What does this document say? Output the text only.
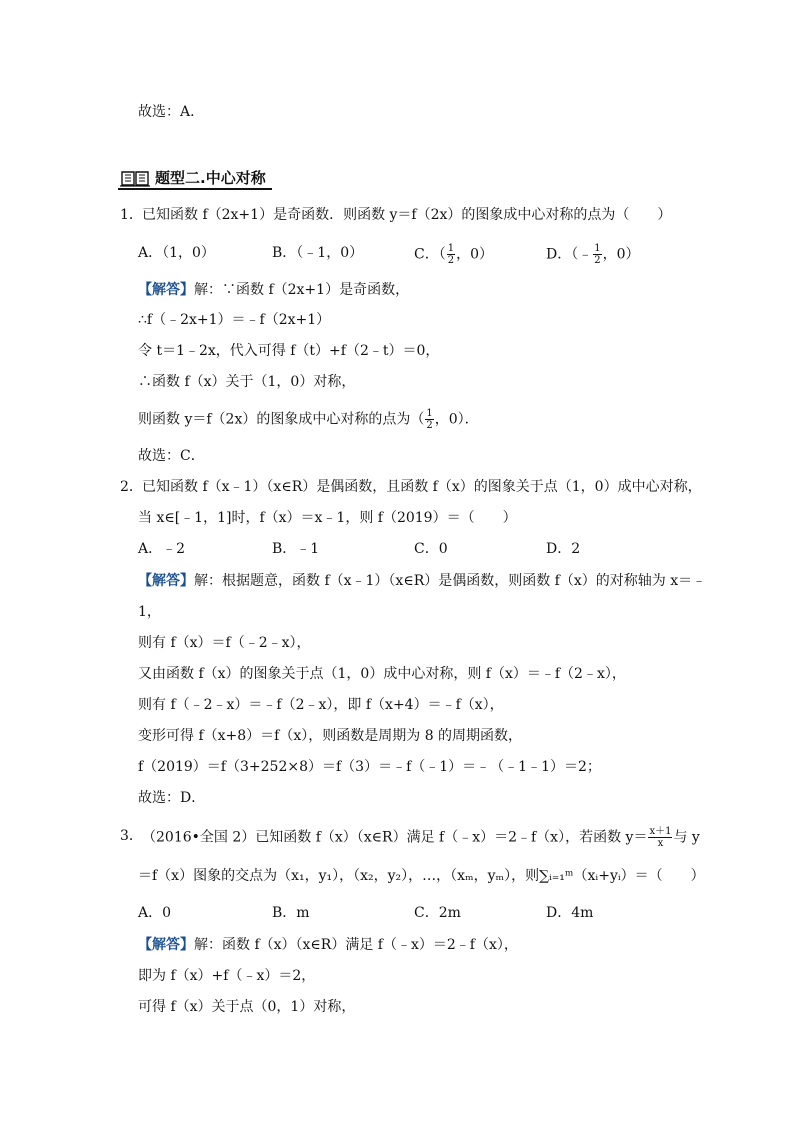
故选：A．
题型二.中心对称
1． 已知函数 f（2x+1）是奇函数．则函数 y＝f（2x）的图象成中心对称的点为（　　）
A．（1，0）	B．（﹣1，0）	C．（ $\frac{1}{2}$ ，0）	D．（﹣ $\frac{1}{2}$ ，0）
【解答】解：∵函数 f（2x+1）是奇函数，
∴f（﹣2x+1）＝﹣f（2x+1）
令 t＝1﹣2x，代入可得 f（t）+f（2﹣t）＝0，
∴函数 f（x）关于（1，0）对称，
则函数 y＝f（2x）的图象成中心对称的点为（ $\frac{1}{2}$ ，0）．
故选：C．
2． 已知函数 f（x﹣1）（x∈R）是偶函数，且函数 f（x）的图象关于点（1，0）成中心对称，
当 x∈[﹣1，1]时，f（x）＝x﹣1，则 f（2019）＝（　　）
A．﹣2	B．﹣1	C．0	D．2
【解答】解：根据题意，函数 f（x﹣1）（x∈R）是偶函数，则函数 f（x）的对称轴为 x＝﹣
1，
则有 f（x）＝f（﹣2﹣x），
又由函数 f（x）的图象关于点（1，0）成中心对称，则 f（x）＝﹣f（2﹣x），
则有 f（﹣2﹣x）＝﹣f（2﹣x），即 f（x+4）＝﹣f（x），
变形可得 f（x+8）＝f（x），则函数是周期为 8 的周期函数，
f（2019）＝f（3+252×8）＝f（3）＝﹣f（﹣1）＝﹣（﹣1﹣1）＝2；
故选：D．
3． （2016•全国 2）已知函数 f（x）（x∈R）满足 f（﹣x）＝2﹣f（x），若函数 $y= \frac{x+1}{x}$ 与 y
＝f（x）图象的交点为（x₁，y₁），（x₂，y₂），…，（xₘ，yₘ），则∑ᵢ₌₁ᵐ（xᵢ+yᵢ）＝（　　）
A．0	B．m	C．2m	D．4m
【解答】解：函数 f（x）（x∈R）满足 f（﹣x）＝2﹣f（x），
即为 f（x）+f（﹣x）＝2，
可得 f（x）关于点（0，1）对称，
